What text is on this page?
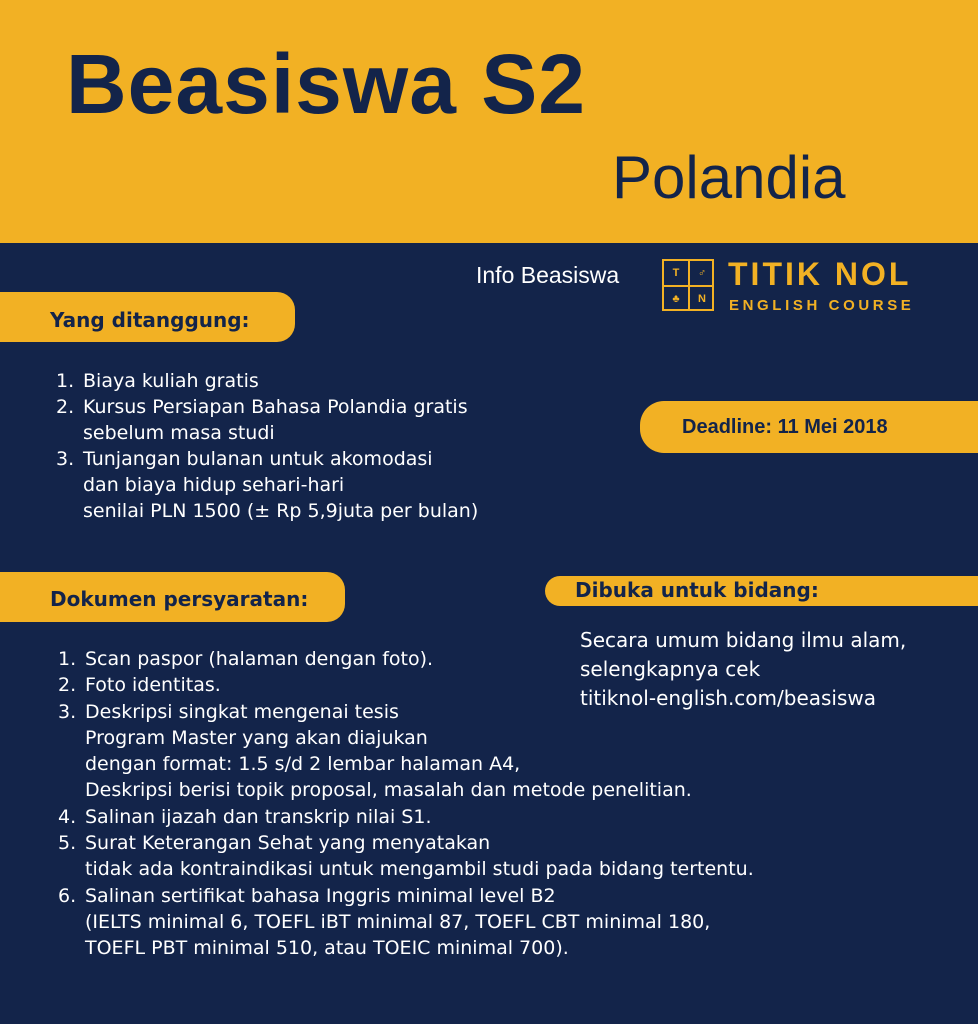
Beasiswa S2
Polandia
Info Beasiswa	T	♂
♣	N
TITIK NOL
ENGLISH COURSE
Yang ditanggung:
1. Biaya kuliah gratis
2. Kursus Persiapan Bahasa Polandia gratis
sebelum masa studi
3. Tunjangan bulanan untuk akomodasi
dan biaya hidup sehari-hari
senilai PLN 1500 (± Rp 5,9juta per bulan)
Deadline: 11 Mei 2018
Dokumen persyaratan:	Dibuka untuk bidang:
Secara umum bidang ilmu alam,
selengkapnya cek
titiknol-english.com/beasiswa
1. Scan paspor (halaman dengan foto).
2. Foto identitas.
3. Deskripsi singkat mengenai tesis
Program Master yang akan diajukan
dengan format: 1.5 s/d 2 lembar halaman A4,
Deskripsi berisi topik proposal, masalah dan metode penelitian.
4. Salinan ijazah dan transkrip nilai S1.
5. Surat Keterangan Sehat yang menyatakan
tidak ada kontraindikasi untuk mengambil studi pada bidang tertentu.
6. Salinan sertifikat bahasa Inggris minimal level B2
(IELTS minimal 6, TOEFL iBT minimal 87, TOEFL CBT minimal 180,
TOEFL PBT minimal 510, atau TOEIC minimal 700).
